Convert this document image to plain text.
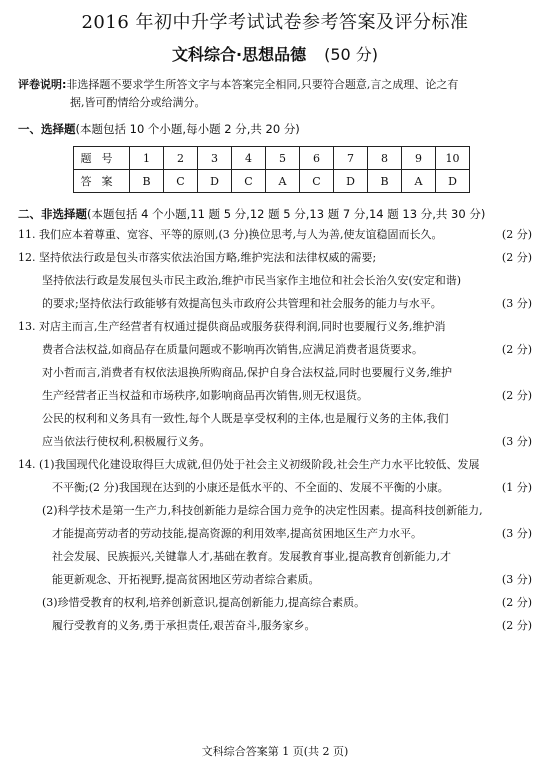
2016 年初中升学考试试卷参考答案及评分标准
文科综合·思想品德 (50 分)
评卷说明:非选择题不要求学生所答文字与本答案完全相同,只要符合题意,言之成理、论之有
据,皆可酌情给分或给满分。
一、选择题(本题包括 10 个小题,每小题 2 分,共 20 分)
题号	1	2	3	4	5	6	7	8	9	10
答案	B	C	D	C	A	C	D	B	A	D
二、非选择题(本题包括 4 个小题,11 题 5 分,12 题 5 分,13 题 7 分,14 题 13 分,共 30 分)
11. 我们应本着尊重、宽容、平等的原则,(3 分)换位思考,与人为善,使友谊稳固而长久。	(2 分)
12. 坚持依法行政是包头市落实依法治国方略,维护宪法和法律权威的需要;	(2 分)
坚持依法行政是发展包头市民主政治,维护市民当家作主地位和社会长治久安(安定和谐)
的要求;坚持依法行政能够有效提高包头市政府公共管理和社会服务的能力与水平。	(3 分)
13. 对店主而言,生产经营者有权通过提供商品或服务获得利润,同时也要履行义务,维护消
费者合法权益,如商品存在质量问题或不影响再次销售,应满足消费者退货要求。	(2 分)
对小哲而言,消费者有权依法退换所购商品,保护自身合法权益,同时也要履行义务,维护
生产经营者正当权益和市场秩序,如影响商品再次销售,则无权退货。	(2 分)
公民的权利和义务具有一致性,每个人既是享受权利的主体,也是履行义务的主体,我们
应当依法行使权利,积极履行义务。	(3 分)
14. (1)我国现代化建设取得巨大成就,但仍处于社会主义初级阶段,社会生产力水平比较低、发展
不平衡;(2 分)我国现在达到的小康还是低水平的、不全面的、发展不平衡的小康。	(1 分)
(2)科学技术是第一生产力,科技创新能力是综合国力竞争的决定性因素。提高科技创新能力,
才能提高劳动者的劳动技能,提高资源的利用效率,提高贫困地区生产力水平。	(3 分)
社会发展、民族振兴,关键靠人才,基础在教育。发展教育事业,提高教育创新能力,才
能更新观念、开拓视野,提高贫困地区劳动者综合素质。	(3 分)
(3)珍惜受教育的权利,培养创新意识,提高创新能力,提高综合素质。	(2 分)
履行受教育的义务,勇于承担责任,艰苦奋斗,服务家乡。	(2 分)
文科综合答案第 1 页(共 2 页)
